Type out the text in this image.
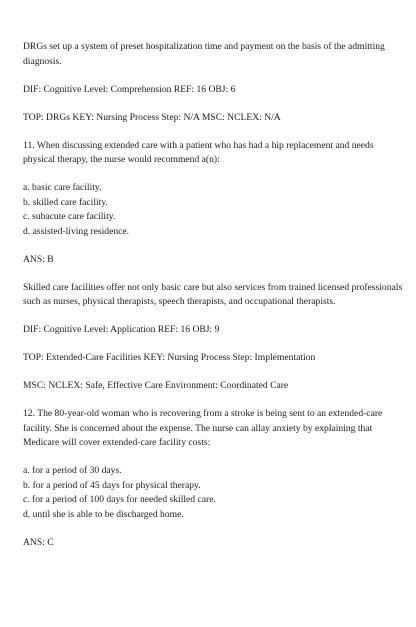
DRGs set up a system of preset hospitalization time and payment on the basis of the admitting diagnosis.

DIF: Cognitive Level: Comprehension REF: 16 OBJ: 6

TOP: DRGs KEY: Nursing Process Step: N/A MSC: NCLEX: N/A

11. When discussing extended care with a patient who has had a hip replacement and needs physical therapy, the nurse would recommend a(n):

a. basic care facility.
b. skilled care facility.
c. subacute care facility.
d. assisted-living residence.

ANS: B

Skilled care facilities offer not only basic care but also services from trained licensed professionals such as nurses, physical therapists, speech therapists, and occupational therapists.

DIF: Cognitive Level: Application REF: 16 OBJ: 9

TOP: Extended-Care Facilities KEY: Nursing Process Step: Implementation

MSC: NCLEX: Safe, Effective Care Environment: Coordinated Care

12. The 80-year-old woman who is recovering from a stroke is being sent to an extended-care facility. She is concerned about the expense. The nurse can allay anxiety by explaining that Medicare will cover extended-care facility costs:

a. for a period of 30 days.
b. for a period of 45 days for physical therapy.
c. for a period of 100 days for needed skilled care.
d. until she is able to be discharged home.

ANS: C
